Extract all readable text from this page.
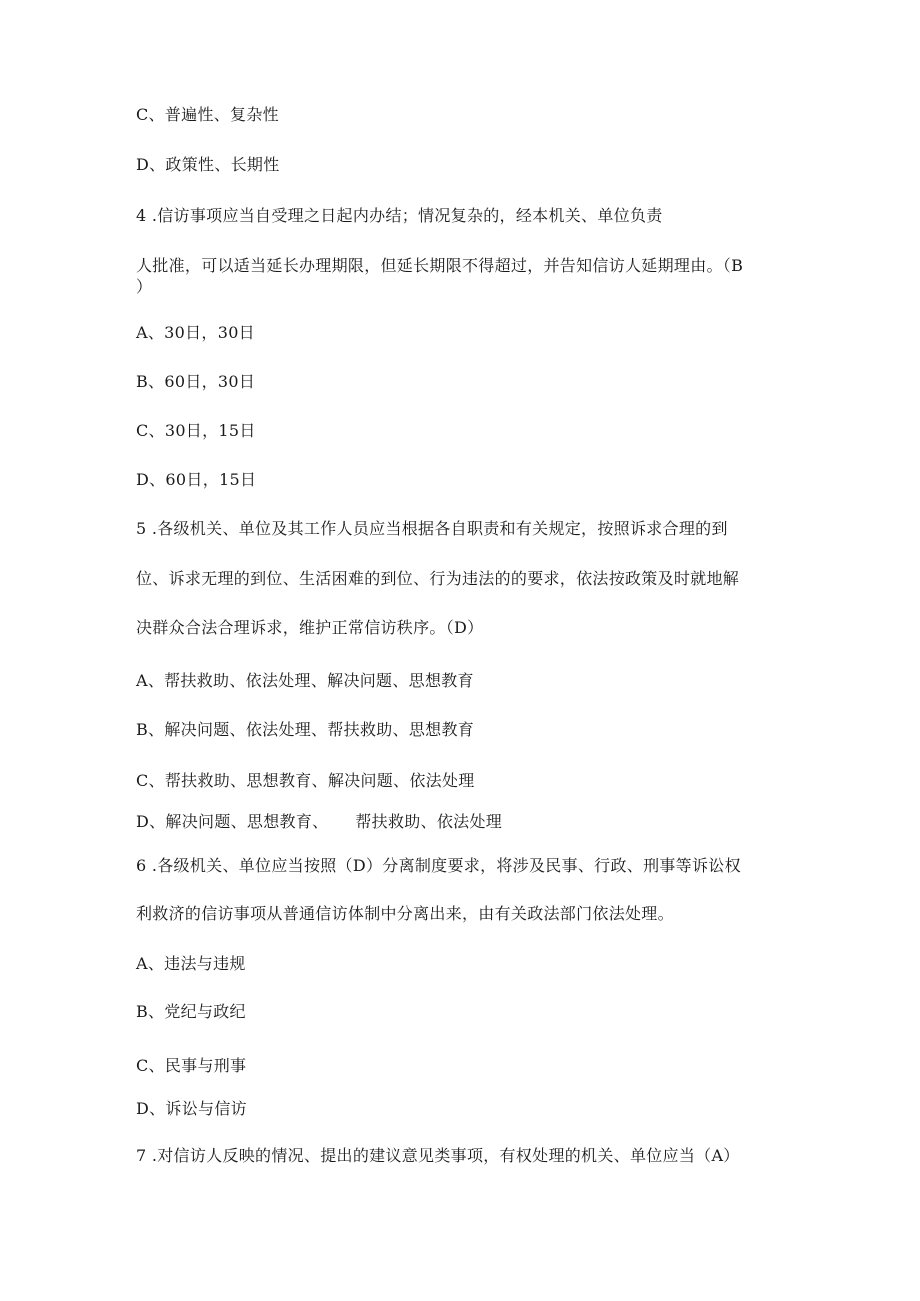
C、普遍性、复杂性
D、政策性、长期性
4 .信访事项应当自受理之日起内办结；情况复杂的，经本机关、单位负责
人批准，可以适当延长办理期限，但延长期限不得超过，并告知信访人延期理由。（B
）
A、30日，30日
B、60日，30日
C、30日，15日
D、60日，15日
5 .各级机关、单位及其工作人员应当根据各自职责和有关规定，按照诉求合理的到
位、诉求无理的到位、生活困难的到位、行为违法的的要求，依法按政策及时就地解
决群众合法合理诉求，维护正常信访秩序。（D）
A、帮扶救助、依法处理、解决问题、思想教育
B、解决问题、依法处理、帮扶救助、思想教育
C、帮扶救助、思想教育、解决问题、依法处理
D、解决问题、思想教育、     帮扶救助、依法处理
6 .各级机关、单位应当按照（D）分离制度要求，将涉及民事、行政、刑事等诉讼权
利救济的信访事项从普通信访体制中分离出来，由有关政法部门依法处理。
A、违法与违规
B、党纪与政纪
C、民事与刑事
D、诉讼与信访
7 .对信访人反映的情况、提出的建议意见类事项，有权处理的机关、单位应当（A）
